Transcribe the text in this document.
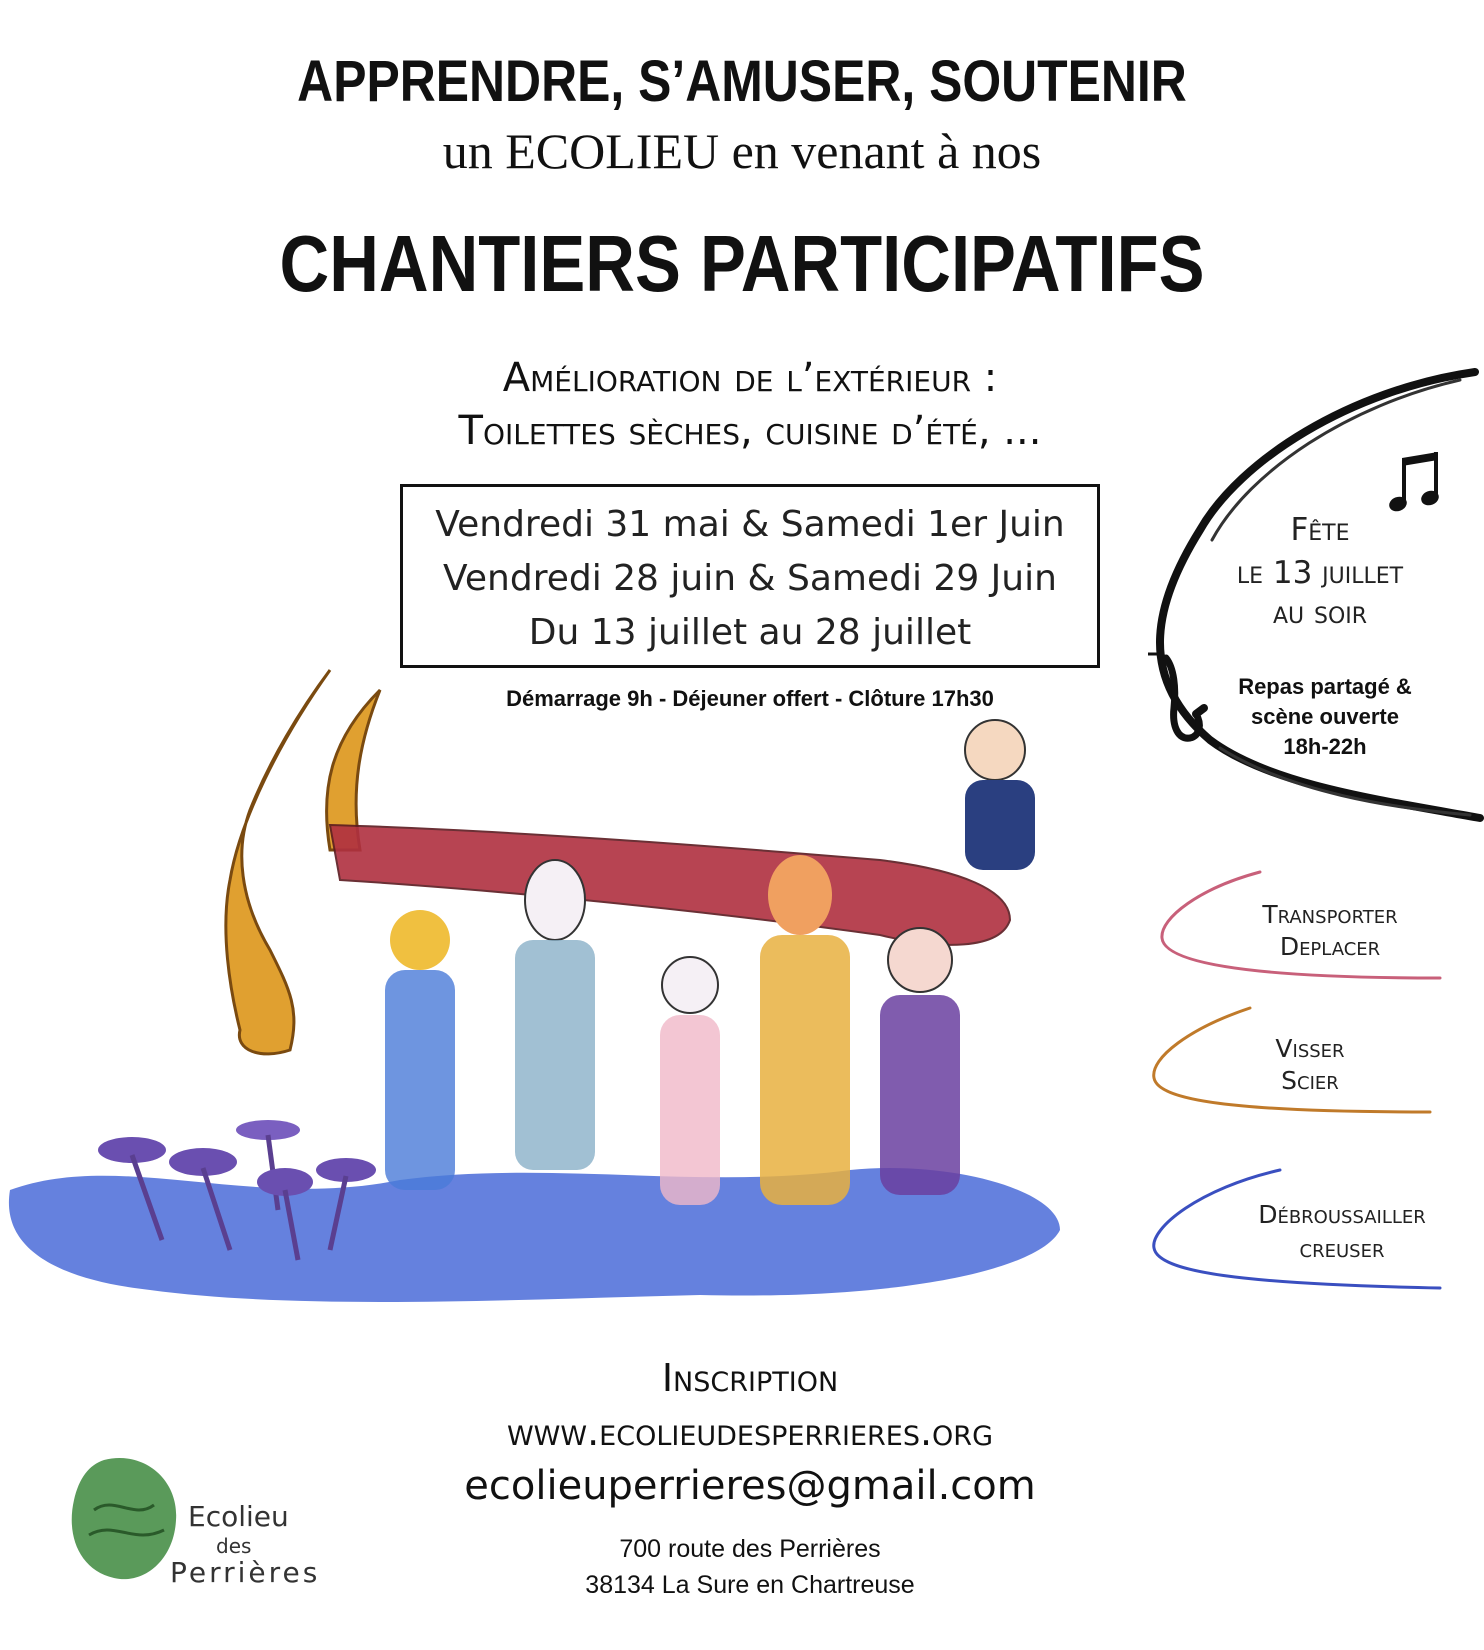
APPRENDRE, S’AMUSER, SOUTENIR
un ECOLIEU en venant à nos
CHANTIERS PARTICIPATIFS
Amélioration de l’extérieur :
Toilettes sèches, cuisine d’été, ...
Vendredi 31 mai & Samedi 1er Juin
Vendredi 28 juin & Samedi 29 Juin
Du 13 juillet au 28 juillet
Démarrage 9h - Déjeuner offert - Clôture 17h30
Fête
le 13 juillet
au soir
Repas partagé &
scène ouverte
18h-22h
Transporter
Deplacer
Visser
Scier
Débroussailler
creuser
Inscription
www.ecolieudesperrieres.org
ecolieuperrieres@gmail.com
700 route des Perrières
38134 La Sure en Chartreuse
Ecolieu
des
Perrières
